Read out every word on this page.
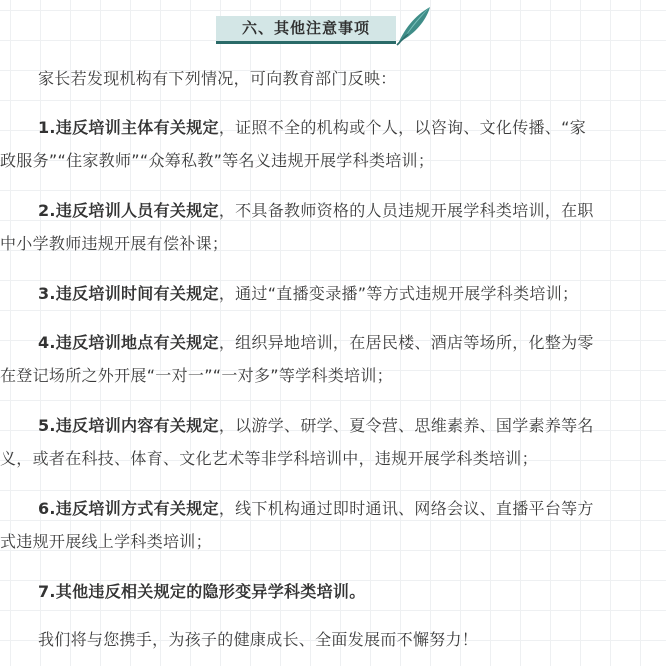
六、其他注意事项

家长若发现机构有下列情况，可向教育部门反映：

1.违反培训主体有关规定，证照不全的机构或个人，以咨询、文化传播、“家
政服务”“住家教师”“众筹私教”等名义违规开展学科类培训；

2.违反培训人员有关规定，不具备教师资格的人员违规开展学科类培训，在职
中小学教师违规开展有偿补课；

3.违反培训时间有关规定，通过“直播变录播”等方式违规开展学科类培训；

4.违反培训地点有关规定，组织异地培训，在居民楼、酒店等场所，化整为零
在登记场所之外开展“一对一”“一对多”等学科类培训；

5.违反培训内容有关规定，以游学、研学、夏令营、思维素养、国学素养等名
义，或者在科技、体育、文化艺术等非学科培训中，违规开展学科类培训；

6.违反培训方式有关规定，线下机构通过即时通讯、网络会议、直播平台等方
式违规开展线上学科类培训；

7.其他违反相关规定的隐形变异学科类培训。

我们将与您携手，为孩子的健康成长、全面发展而不懈努力！
